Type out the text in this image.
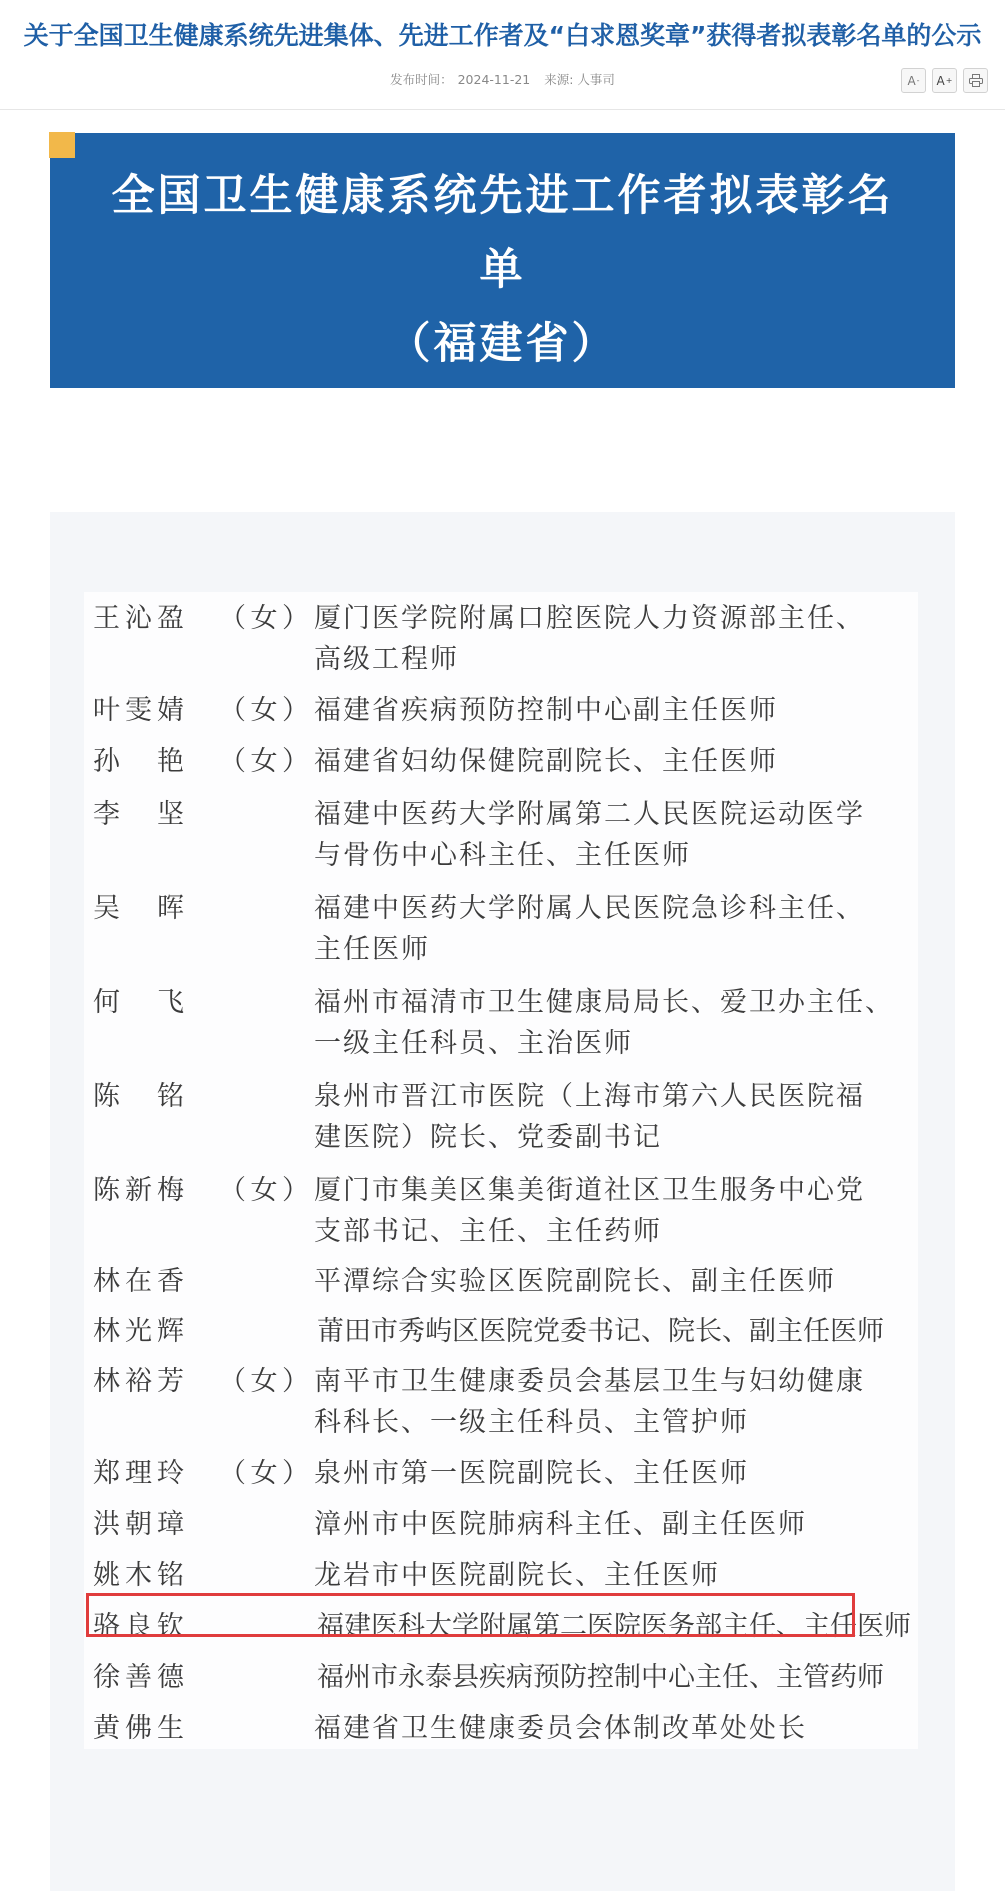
关于全国卫生健康系统先进集体、先进工作者及“白求恩奖章”获得者拟表彰名单的公示
发布时间： 2024-11-21 来源: 人事司	A - A +
全国卫生健康系统先进工作者拟表彰名
单
（福建省）
王沁盈 （ 女 ） 厦门医学院附属口腔医院人力资源部主任、
高级工程师
叶雯婧 （ 女 ） 福建省疾病预防控制中心副主任医师
孙　艳 （ 女 ） 福建省妇幼保健院副院长、主任医师
李　坚	福建中医药大学附属第二人民医院运动医学
与骨伤中心科主任、主任医师
吴　晖	福建中医药大学附属人民医院急诊科主任、
主任医师
何　飞	福州市福清市卫生健康局局长、爱卫办主任、
一级主任科员、主治医师
陈　铭	泉州市晋江市医院（上海市第六人民医院福
建医院）院长、党委副书记
陈新梅 （ 女 ） 厦门市集美区集美街道社区卫生服务中心党
支部书记、主任、主任药师
林在香	平潭综合实验区医院副院长、副主任医师
林光辉	莆田市秀屿区医院党委书记、院长、副主任医师
林裕芳 （ 女 ） 南平市卫生健康委员会基层卫生与妇幼健康
科科长、一级主任科员、主管护师
郑理玲 （ 女 ） 泉州市第一医院副院长、主任医师
洪朝璋	漳州市中医院肺病科主任、副主任医师
姚木铭	龙岩市中医院副院长、主任医师
骆良钦	福建医科大学附属第二医院医务部主任、主任医师
徐善德	福州市永泰县疾病预防控制中心主任、主管药师
黄佛生	福建省卫生健康委员会体制改革处处长
